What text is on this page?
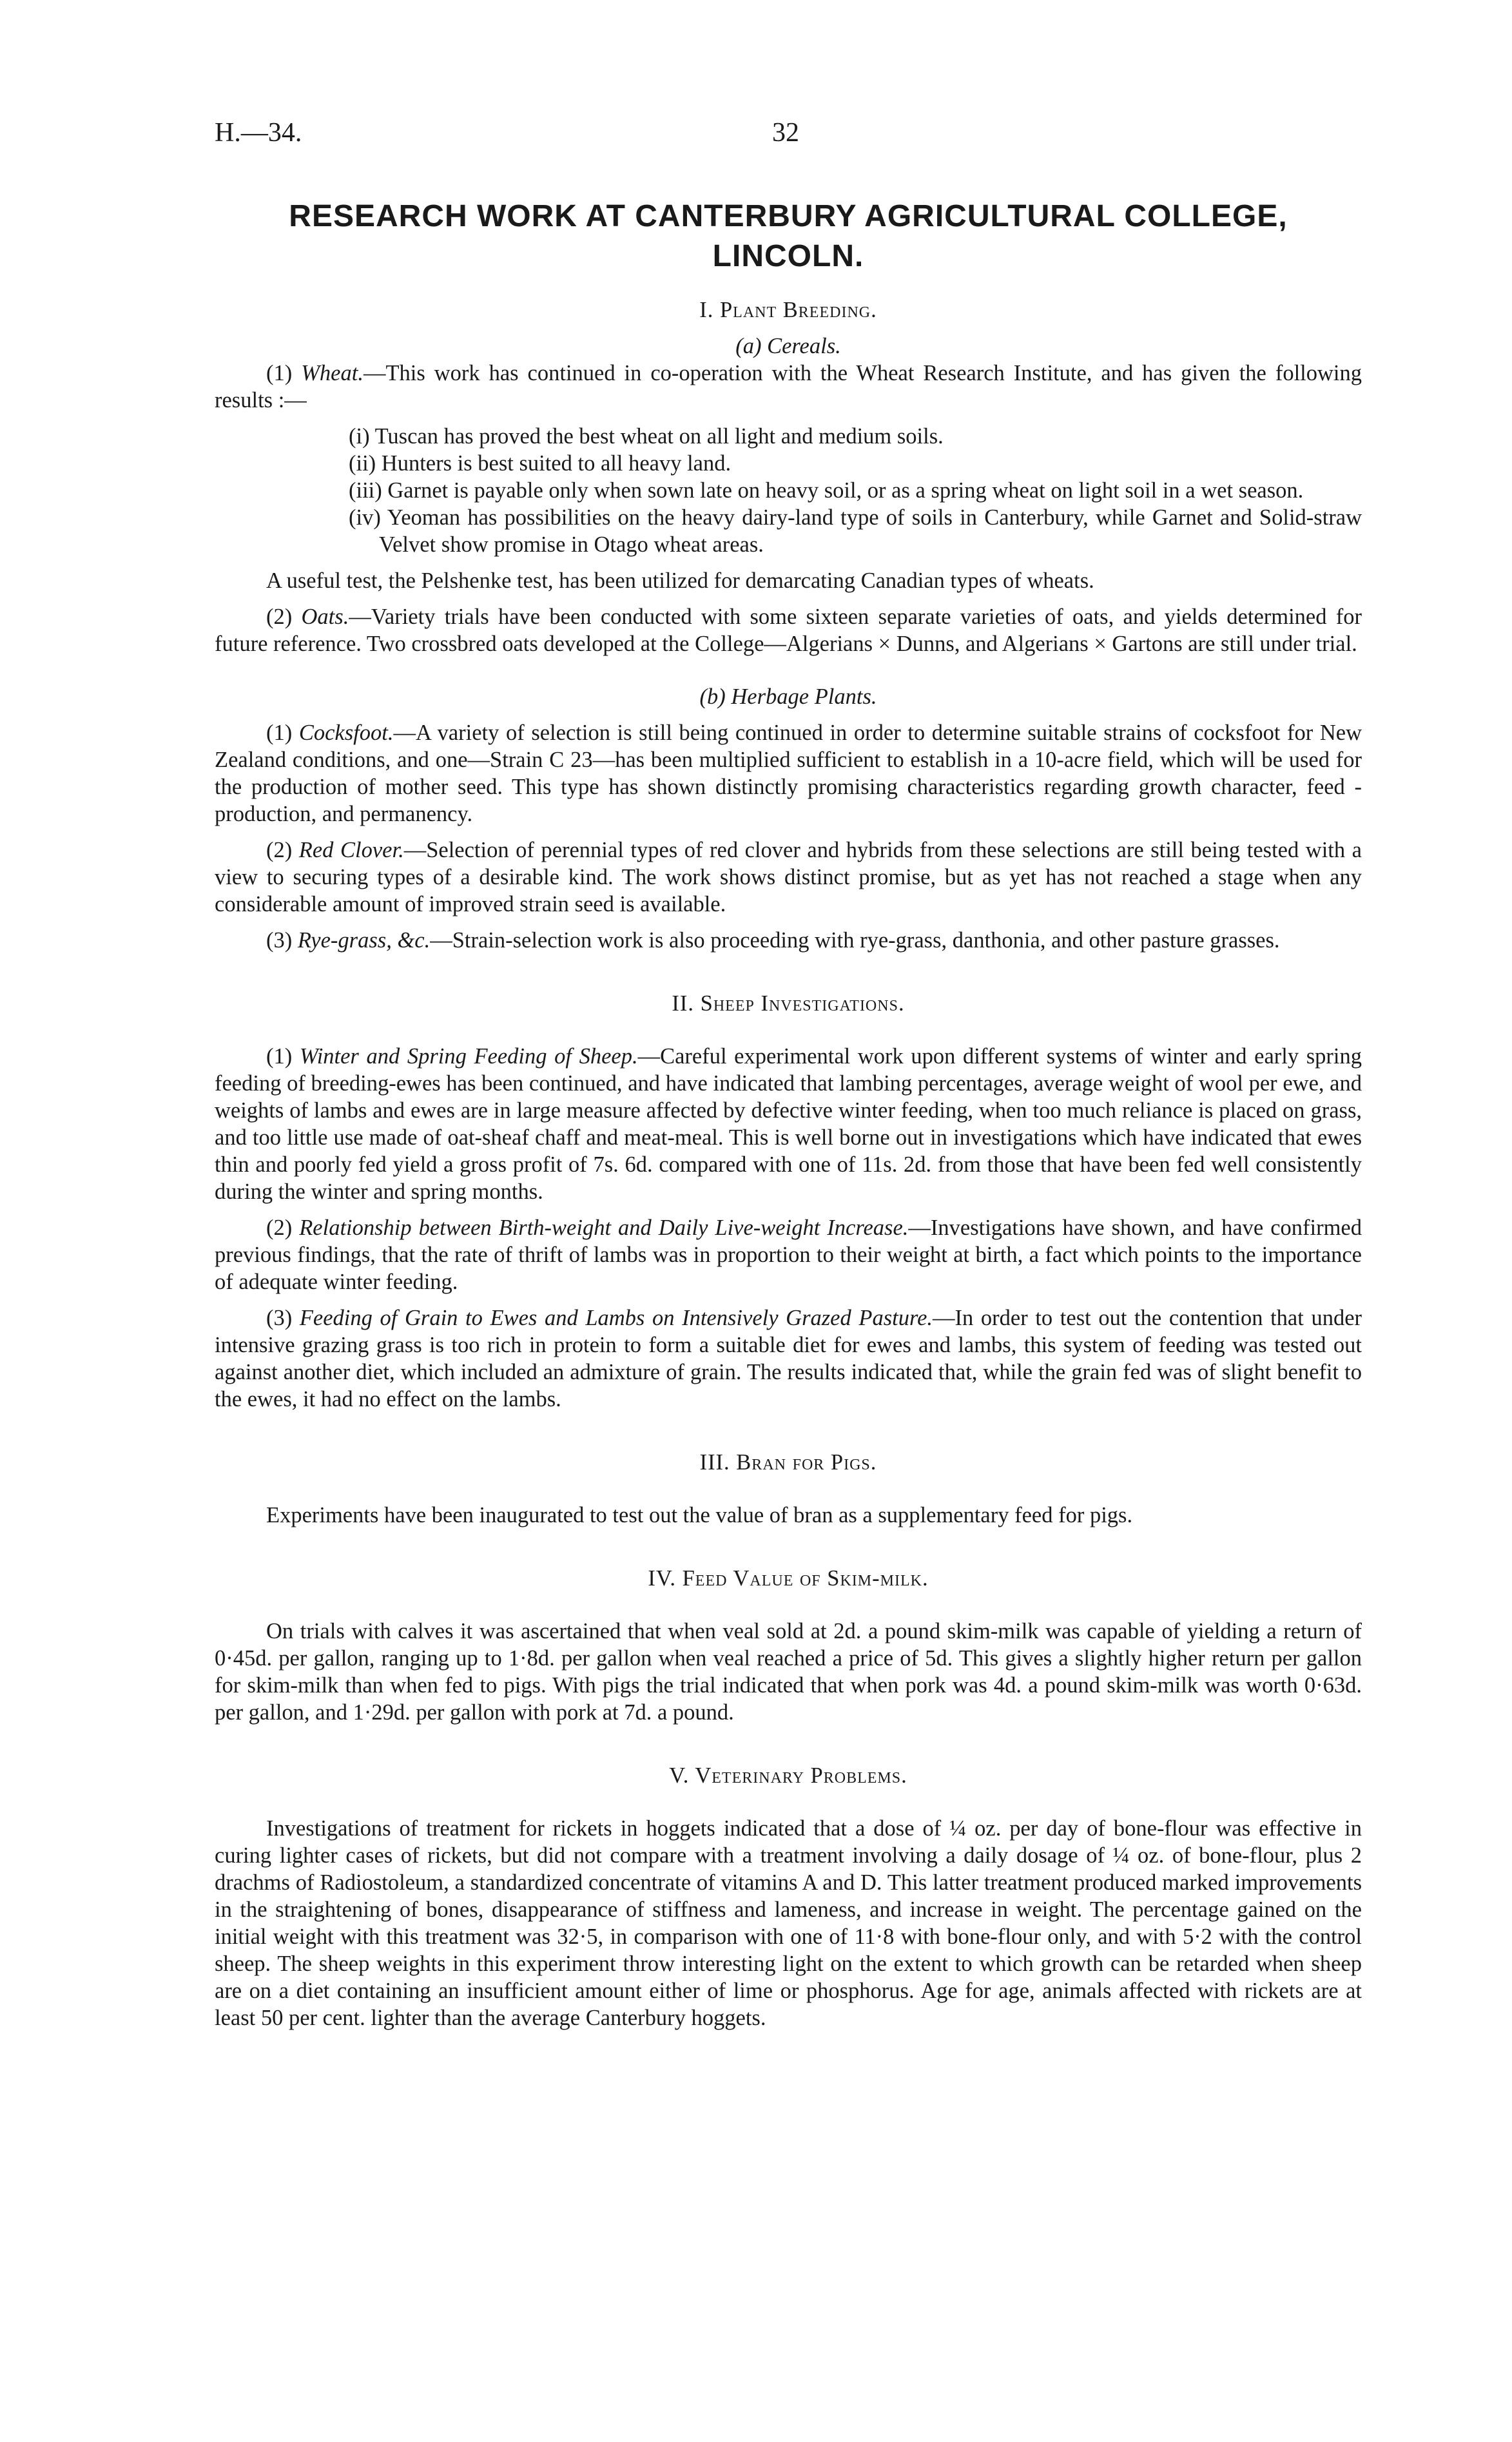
H.—34.	32
RESEARCH WORK AT CANTERBURY AGRICULTURAL COLLEGE, LINCOLN.

I. Plant Breeding.

(a) Cereals.

(1) Wheat.—This work has continued in co-operation with the Wheat Research Institute, and has given the following results :—

(i) Tuscan has proved the best wheat on all light and medium soils.

(ii) Hunters is best suited to all heavy land.

(iii) Garnet is payable only when sown late on heavy soil, or as a spring wheat on light soil in a wet season.

(iv) Yeoman has possibilities on the heavy dairy-land type of soils in Canterbury, while Garnet and Solid-straw Velvet show promise in Otago wheat areas.

A useful test, the Pelshenke test, has been utilized for demarcating Canadian types of wheats.

(2) Oats.—Variety trials have been conducted with some sixteen separate varieties of oats, and yields determined for future reference. Two crossbred oats developed at the College—Algerians × Dunns, and Algerians × Gartons are still under trial.

(b) Herbage Plants.

(1) Cocksfoot.—A variety of selection is still being continued in order to determine suitable strains of cocksfoot for New Zealand conditions, and one—Strain C 23—has been multiplied sufficient to establish in a 10-acre field, which will be used for the production of mother seed. This type has shown distinctly promising characteristics regarding growth character, feed - production, and permanency.

(2) Red Clover.—Selection of perennial types of red clover and hybrids from these selections are still being tested with a view to securing types of a desirable kind. The work shows distinct promise, but as yet has not reached a stage when any considerable amount of improved strain seed is available.

(3) Rye-grass, &c.—Strain-selection work is also proceeding with rye-grass, danthonia, and other pasture grasses.

II. Sheep Investigations.

(1) Winter and Spring Feeding of Sheep.—Careful experimental work upon different systems of winter and early spring feeding of breeding-ewes has been continued, and have indicated that lambing percentages, average weight of wool per ewe, and weights of lambs and ewes are in large measure affected by defective winter feeding, when too much reliance is placed on grass, and too little use made of oat-sheaf chaff and meat-meal. This is well borne out in investigations which have indicated that ewes thin and poorly fed yield a gross profit of 7s. 6d. compared with one of 11s. 2d. from those that have been fed well consistently during the winter and spring months.

(2) Relationship between Birth-weight and Daily Live-weight Increase.—Investigations have shown, and have confirmed previous findings, that the rate of thrift of lambs was in proportion to their weight at birth, a fact which points to the importance of adequate winter feeding.

(3) Feeding of Grain to Ewes and Lambs on Intensively Grazed Pasture.—In order to test out the contention that under intensive grazing grass is too rich in protein to form a suitable diet for ewes and lambs, this system of feeding was tested out against another diet, which included an admixture of grain. The results indicated that, while the grain fed was of slight benefit to the ewes, it had no effect on the lambs.

III. Bran for Pigs.

Experiments have been inaugurated to test out the value of bran as a supplementary feed for pigs.

IV. Feed Value of Skim-milk.

On trials with calves it was ascertained that when veal sold at 2d. a pound skim-milk was capable of yielding a return of 0·45d. per gallon, ranging up to 1·8d. per gallon when veal reached a price of 5d. This gives a slightly higher return per gallon for skim-milk than when fed to pigs. With pigs the trial indicated that when pork was 4d. a pound skim-milk was worth 0·63d. per gallon, and 1·29d. per gallon with pork at 7d. a pound.

V. Veterinary Problems.

Investigations of treatment for rickets in hoggets indicated that a dose of ¼ oz. per day of bone-flour was effective in curing lighter cases of rickets, but did not compare with a treatment involving a daily dosage of ¼ oz. of bone-flour, plus 2 drachms of Radiostoleum, a standardized concentrate of vitamins A and D. This latter treatment produced marked improvements in the straightening of bones, disappearance of stiffness and lameness, and increase in weight. The percentage gained on the initial weight with this treatment was 32·5, in comparison with one of 11·8 with bone-flour only, and with 5·2 with the control sheep. The sheep weights in this experiment throw interesting light on the extent to which growth can be retarded when sheep are on a diet containing an insufficient amount either of lime or phosphorus. Age for age, animals affected with rickets are at least 50 per cent. lighter than the average Canterbury hoggets.
